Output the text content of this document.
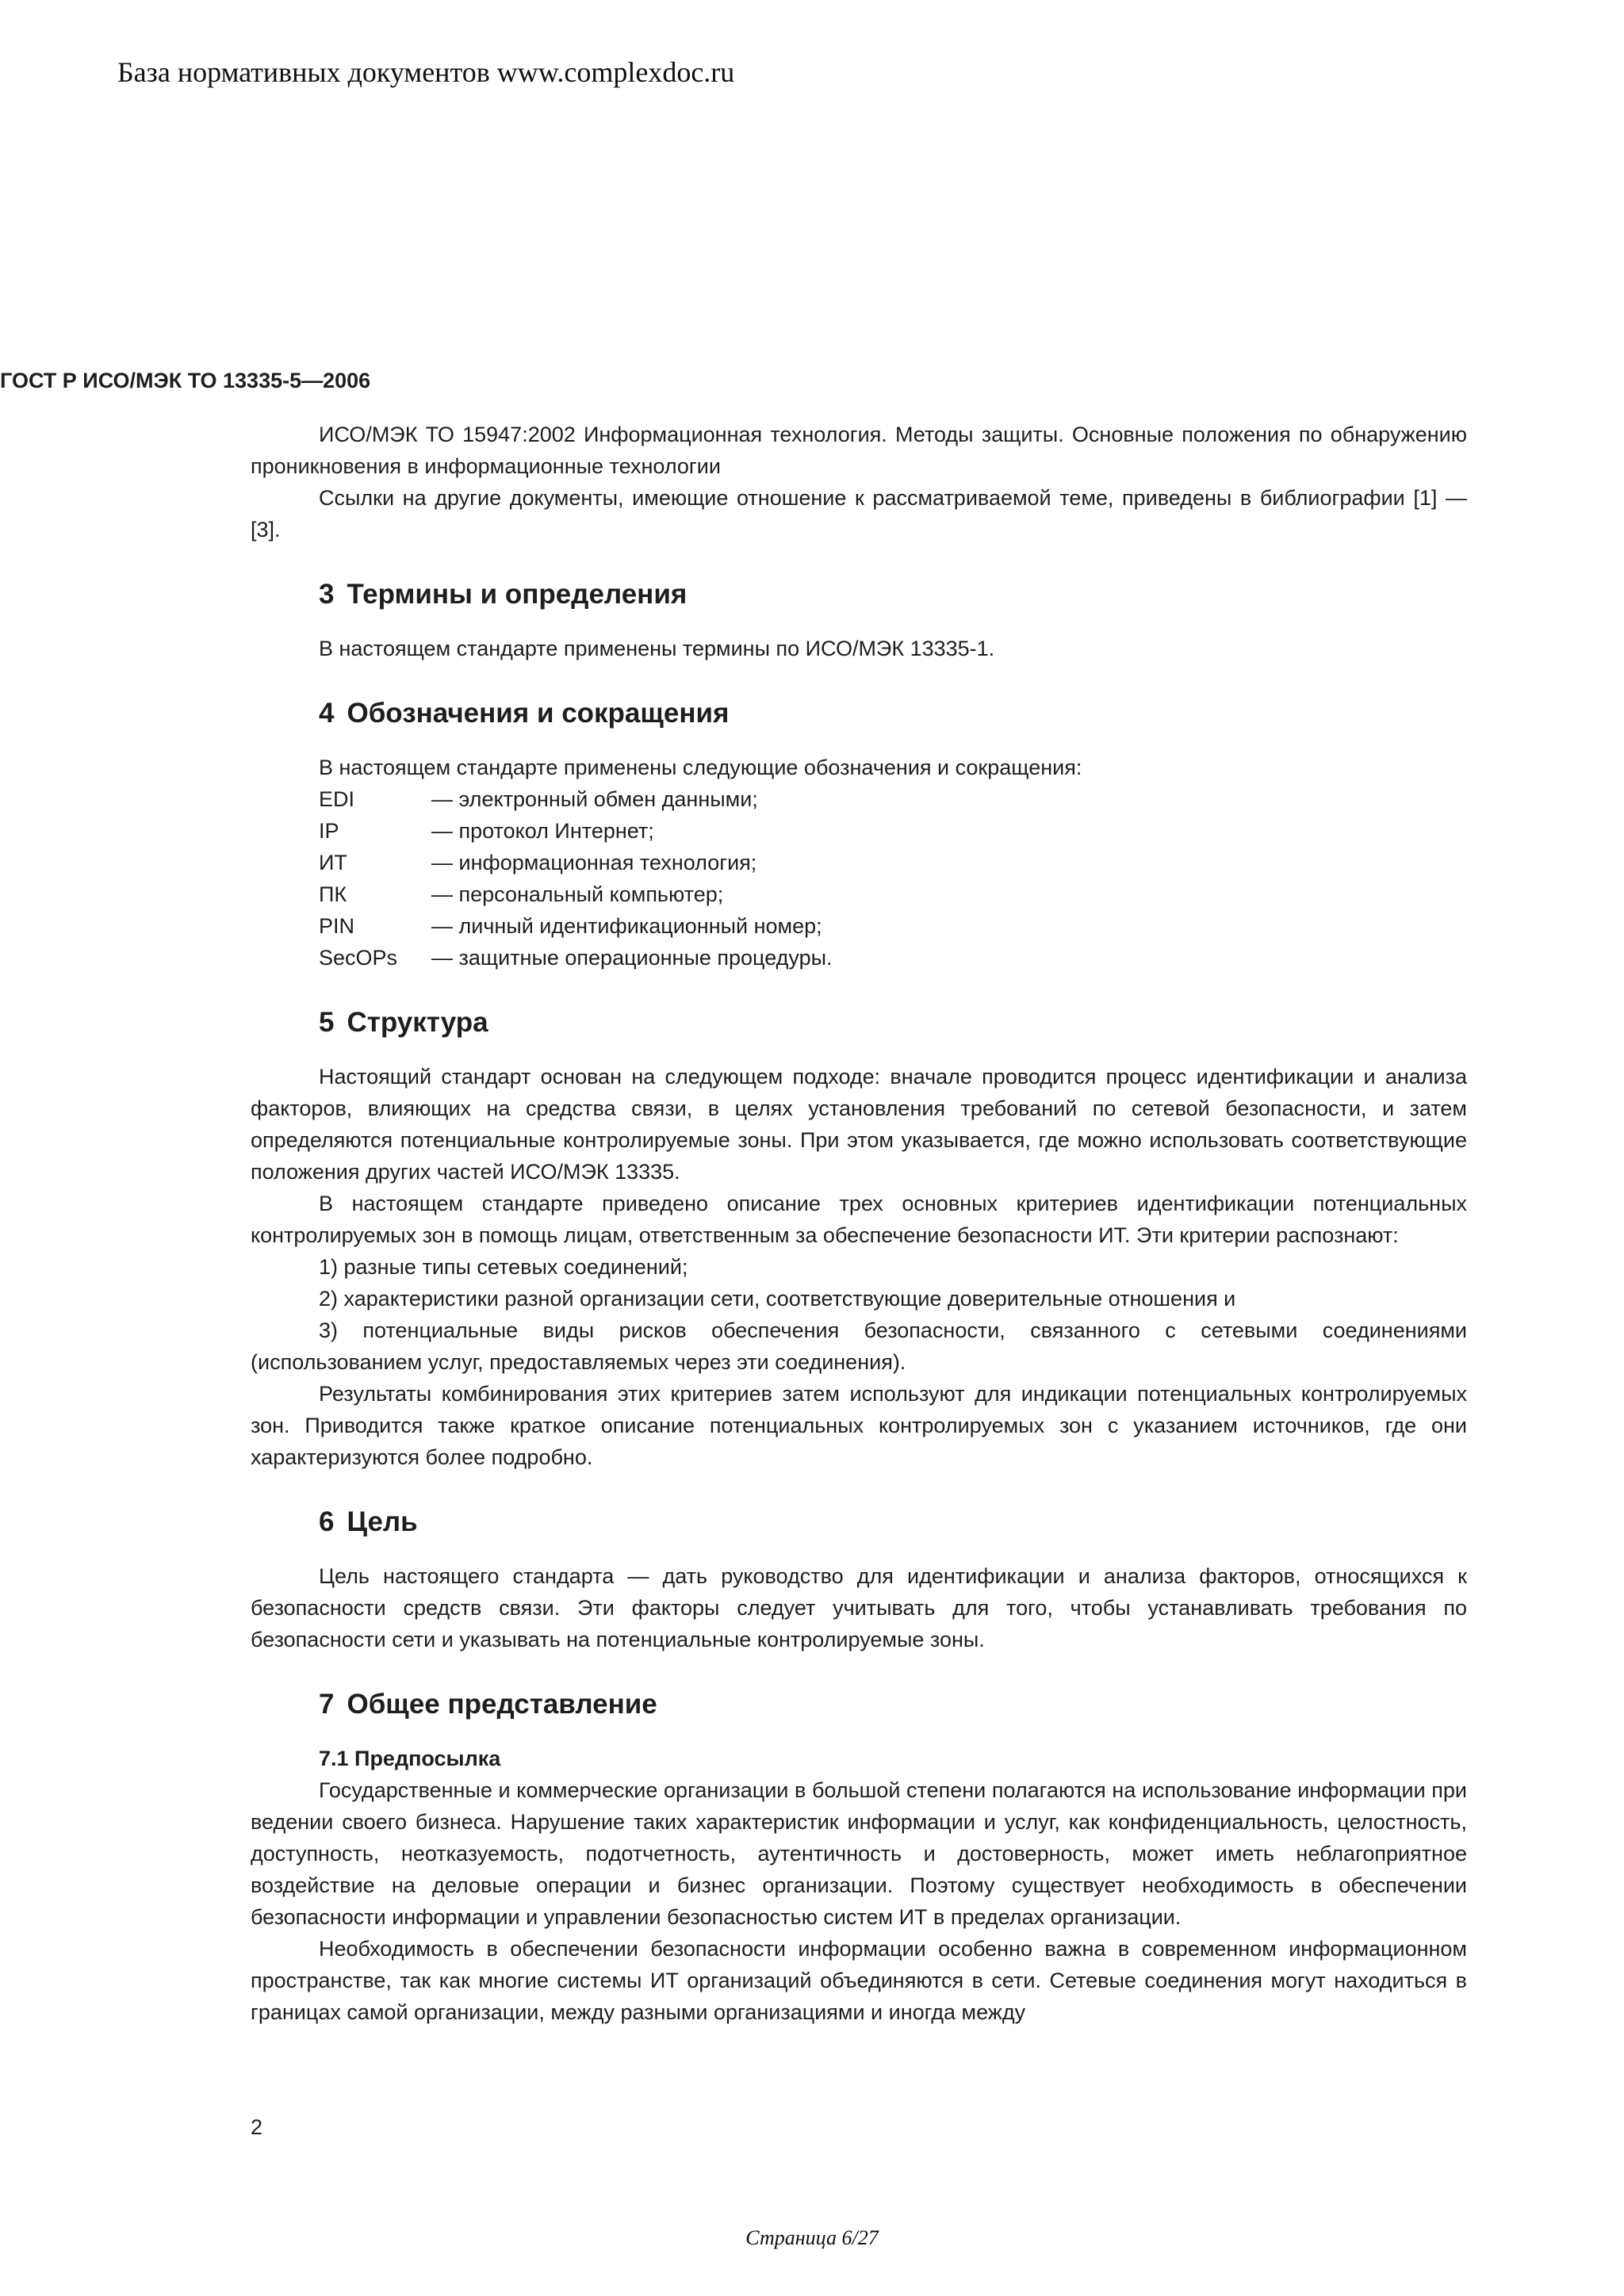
База нормативных документов www.complexdoc.ru

ГОСТ Р ИСО/МЭК ТО 13335-5—2006

ИСО/МЭК ТО 15947:2002 Информационная технология. Методы защиты. Основные положения по обнаружению проникновения в информационные технологии

Ссылки на другие документы, имеющие отношение к рассматриваемой теме, приведены в библиографии [1] — [3].

3 Термины и определения

В настоящем стандарте применены термины по ИСО/МЭК 13335-1.

4 Обозначения и сокращения

В настоящем стандарте применены следующие обозначения и сокращения:

EDI	— электронный обмен данными;
IP	— протокол Интернет;
ИТ	— информационная технология;
ПК	— персональный компьютер;
PIN	— личный идентификационный номер;
SecOPs	— защитные операционные процедуры.
5 Структура

Настоящий стандарт основан на следующем подходе: вначале проводится процесс идентификации и анализа факторов, влияющих на средства связи, в целях установления требований по сетевой безопасности, и затем определяются потенциальные контролируемые зоны. При этом указывается, где можно использовать соответствующие положения других частей ИСО/МЭК 13335.

В настоящем стандарте приведено описание трех основных критериев идентификации потенциальных контролируемых зон в помощь лицам, ответственным за обеспечение безопасности ИТ. Эти критерии распознают:

1) разные типы сетевых соединений;

2) характеристики разной организации сети, соответствующие доверительные отношения и

3) потенциальные виды рисков обеспечения безопасности, связанного с сетевыми соединениями (использованием услуг, предоставляемых через эти соединения).

Результаты комбинирования этих критериев затем используют для индикации потенциальных контролируемых зон. Приводится также краткое описание потенциальных контролируемых зон с указанием источников, где они характеризуются более подробно.

6 Цель

Цель настоящего стандарта — дать руководство для идентификации и анализа факторов, относящихся к безопасности средств связи. Эти факторы следует учитывать для того, чтобы устанавливать требования по безопасности сети и указывать на потенциальные контролируемые зоны.

7 Общее представление

7.1 Предпосылка

Государственные и коммерческие организации в большой степени полагаются на использование информации при ведении своего бизнеса. Нарушение таких характеристик информации и услуг, как конфиденциальность, целостность, доступность, неотказуемость, подотчетность, аутентичность и достоверность, может иметь неблагоприятное воздействие на деловые операции и бизнес организации. Поэтому существует необходимость в обеспечении безопасности информации и управлении безопасностью систем ИТ в пределах организации.

Необходимость в обеспечении безопасности информации особенно важна в современном информационном пространстве, так как многие системы ИТ организаций объединяются в сети. Сетевые соединения могут находиться в границах самой организации, между разными организациями и иногда между

2
Страница 6/27
